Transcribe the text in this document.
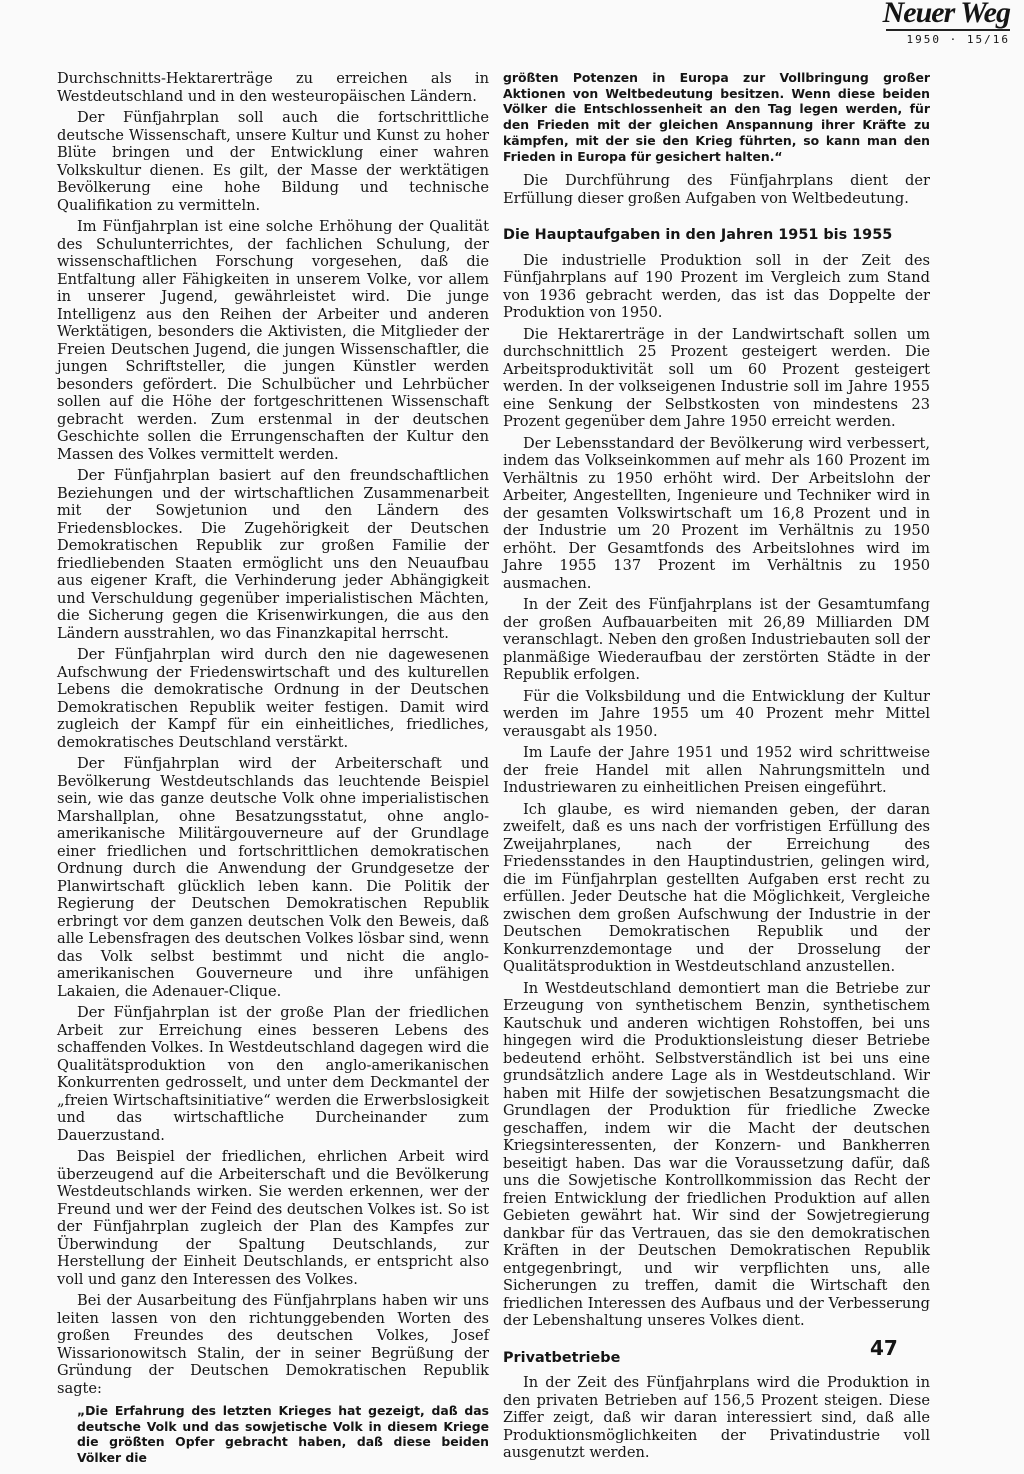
Neuer Weg
1950 · 15/16

Durchschnitts-Hektarerträge zu erreichen als in Westdeutschland und in den westeuropäischen Ländern.

Der Fünfjahrplan soll auch die fortschrittliche deutsche Wissenschaft, unsere Kultur und Kunst zu hoher Blüte bringen und der Entwicklung einer wahren Volkskultur dienen. Es gilt, der Masse der werktätigen Bevölkerung eine hohe Bildung und technische Qualifikation zu vermitteln.

Im Fünfjahrplan ist eine solche Erhöhung der Qualität des Schulunterrichtes, der fachlichen Schulung, der wissenschaftlichen Forschung vorgesehen, daß die Entfaltung aller Fähigkeiten in unserem Volke, vor allem in unserer Jugend, gewährleistet wird. Die junge Intelligenz aus den Reihen der Arbeiter und anderen Werktätigen, besonders die Aktivisten, die Mitglieder der Freien Deutschen Jugend, die jungen Wissenschaftler, die jungen Schriftsteller, die jungen Künstler werden besonders gefördert. Die Schulbücher und Lehrbücher sollen auf die Höhe der fortgeschrittenen Wissenschaft gebracht werden. Zum erstenmal in der deutschen Geschichte sollen die Errungenschaften der Kultur den Massen des Volkes vermittelt werden.

Der Fünfjahrplan basiert auf den freundschaftlichen Beziehungen und der wirtschaftlichen Zusammenarbeit mit der Sowjetunion und den Ländern des Friedensblockes. Die Zugehörigkeit der Deutschen Demokratischen Republik zur großen Familie der friedliebenden Staaten ermöglicht uns den Neuaufbau aus eigener Kraft, die Verhinderung jeder Abhängigkeit und Verschuldung gegenüber imperialistischen Mächten, die Sicherung gegen die Krisenwirkungen, die aus den Ländern ausstrahlen, wo das Finanzkapital herrscht.

Der Fünfjahrplan wird durch den nie dagewesenen Aufschwung der Friedenswirtschaft und des kulturellen Lebens die demokratische Ordnung in der Deutschen Demokratischen Republik weiter festigen. Damit wird zugleich der Kampf für ein einheitliches, friedliches, demokratisches Deutschland verstärkt.

Der Fünfjahrplan wird der Arbeiterschaft und Bevölkerung Westdeutschlands das leuchtende Beispiel sein, wie das ganze deutsche Volk ohne imperialistischen Marshallplan, ohne Besatzungsstatut, ohne anglo-amerikanische Militärgouverneure auf der Grundlage einer friedlichen und fortschrittlichen demokratischen Ordnung durch die Anwendung der Grundgesetze der Planwirtschaft glücklich leben kann. Die Politik der Regierung der Deutschen Demokratischen Republik erbringt vor dem ganzen deutschen Volk den Beweis, daß alle Lebensfragen des deutschen Volkes lösbar sind, wenn das Volk selbst bestimmt und nicht die anglo-amerikanischen Gouverneure und ihre unfähigen Lakaien, die Adenauer-Clique.

Der Fünfjahrplan ist der große Plan der friedlichen Arbeit zur Erreichung eines besseren Lebens des schaffenden Volkes. In Westdeutschland dagegen wird die Qualitätsproduktion von den anglo-amerikanischen Konkurrenten gedrosselt, und unter dem Deckmantel der „freien Wirtschaftsinitiative“ werden die Erwerbslosigkeit und das wirtschaftliche Durcheinander zum Dauerzustand.

Das Beispiel der friedlichen, ehrlichen Arbeit wird überzeugend auf die Arbeiterschaft und die Bevölkerung Westdeutschlands wirken. Sie werden erkennen, wer der Freund und wer der Feind des deutschen Volkes ist. So ist der Fünfjahrplan zugleich der Plan des Kampfes zur Überwindung der Spaltung Deutschlands, zur Herstellung der Einheit Deutschlands, er entspricht also voll und ganz den Interessen des Volkes.

Bei der Ausarbeitung des Fünfjahrplans haben wir uns leiten lassen von den richtunggebenden Worten des großen Freundes des deutschen Volkes, Josef Wissarionowitsch Stalin, der in seiner Begrüßung der Gründung der Deutschen Demokratischen Republik sagte:

„Die Erfahrung des letzten Krieges hat gezeigt, daß das deutsche Volk und das sowjetische Volk in diesem Kriege die größten Opfer gebracht haben, daß diese beiden Völker die
größten Potenzen in Europa zur Vollbringung großer Aktionen von Weltbedeutung besitzen. Wenn diese beiden Völker die Entschlossenheit an den Tag legen werden, für den Frieden mit der gleichen Anspannung ihrer Kräfte zu kämpfen, mit der sie den Krieg führten, so kann man den Frieden in Europa für gesichert halten.“

Die Durchführung des Fünfjahrplans dient der Erfüllung dieser großen Aufgaben von Weltbedeutung.

Die Hauptaufgaben in den Jahren 1951 bis 1955

Die industrielle Produktion soll in der Zeit des Fünfjahrplans auf 190 Prozent im Vergleich zum Stand von 1936 gebracht werden, das ist das Doppelte der Produktion von 1950.

Die Hektarerträge in der Landwirtschaft sollen um durchschnittlich 25 Prozent gesteigert werden. Die Arbeitsproduktivität soll um 60 Prozent gesteigert werden. In der volkseigenen Industrie soll im Jahre 1955 eine Senkung der Selbstkosten von mindestens 23 Prozent gegenüber dem Jahre 1950 erreicht werden.

Der Lebensstandard der Bevölkerung wird verbessert, indem das Volkseinkommen auf mehr als 160 Prozent im Verhältnis zu 1950 erhöht wird. Der Arbeitslohn der Arbeiter, Angestellten, Ingenieure und Techniker wird in der gesamten Volkswirtschaft um 16,8 Prozent und in der Industrie um 20 Prozent im Verhältnis zu 1950 erhöht. Der Gesamtfonds des Arbeitslohnes wird im Jahre 1955 137 Prozent im Verhältnis zu 1950 ausmachen.

In der Zeit des Fünfjahrplans ist der Gesamtumfang der großen Aufbauarbeiten mit 26,89 Milliarden DM veranschlagt. Neben den großen Industriebauten soll der planmäßige Wiederaufbau der zerstörten Städte in der Republik erfolgen.

Für die Volksbildung und die Entwicklung der Kultur werden im Jahre 1955 um 40 Prozent mehr Mittel verausgabt als 1950.

Im Laufe der Jahre 1951 und 1952 wird schrittweise der freie Handel mit allen Nahrungsmitteln und Industriewaren zu einheitlichen Preisen eingeführt.

Ich glaube, es wird niemanden geben, der daran zweifelt, daß es uns nach der vorfristigen Erfüllung des Zweijahrplanes, nach der Erreichung des Friedensstandes in den Hauptindustrien, gelingen wird, die im Fünfjahrplan gestellten Aufgaben erst recht zu erfüllen. Jeder Deutsche hat die Möglichkeit, Vergleiche zwischen dem großen Aufschwung der Industrie in der Deutschen Demokratischen Republik und der Konkurrenzdemontage und der Drosselung der Qualitätsproduktion in Westdeutschland anzustellen.

In Westdeutschland demontiert man die Betriebe zur Erzeugung von synthetischem Benzin, synthetischem Kautschuk und anderen wichtigen Rohstoffen, bei uns hingegen wird die Produktionsleistung dieser Betriebe bedeutend erhöht. Selbstverständlich ist bei uns eine grundsätzlich andere Lage als in Westdeutschland. Wir haben mit Hilfe der sowjetischen Besatzungsmacht die Grundlagen der Produktion für friedliche Zwecke geschaffen, indem wir die Macht der deutschen Kriegsinteressenten, der Konzern- und Bankherren beseitigt haben. Das war die Voraussetzung dafür, daß uns die Sowjetische Kontrollkommission das Recht der freien Entwicklung der friedlichen Produktion auf allen Gebieten gewährt hat. Wir sind der Sowjetregierung dankbar für das Vertrauen, das sie den demokratischen Kräften in der Deutschen Demokratischen Republik entgegenbringt, und wir verpflichten uns, alle Sicherungen zu treffen, damit die Wirtschaft den friedlichen Interessen des Aufbaus und der Verbesserung der Lebenshaltung unseres Volkes dient.

Privatbetriebe

In der Zeit des Fünfjahrplans wird die Produktion in den privaten Betrieben auf 156,5 Prozent steigen. Diese Ziffer zeigt, daß wir daran interessiert sind, daß alle Produktionsmöglichkeiten der Privatindustrie voll ausgenutzt werden.

47
